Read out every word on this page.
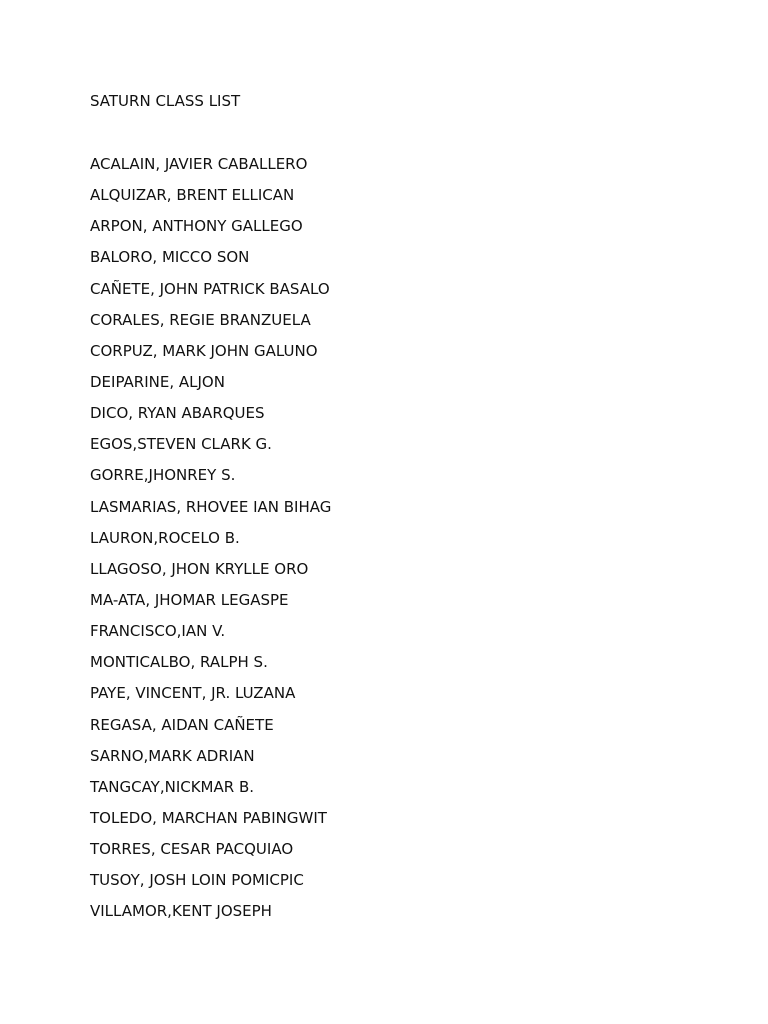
SATURN CLASS LIST
ACALAIN, JAVIER CABALLERO
ALQUIZAR, BRENT ELLICAN
ARPON, ANTHONY GALLEGO
BALORO, MICCO SON
CAÑETE, JOHN PATRICK BASALO
CORALES, REGIE BRANZUELA
CORPUZ, MARK JOHN GALUNO
DEIPARINE, ALJON
DICO, RYAN ABARQUES
EGOS,STEVEN CLARK G.
GORRE,JHONREY S.
LASMARIAS, RHOVEE IAN BIHAG
LAURON,ROCELO B.
LLAGOSO, JHON KRYLLE ORO
MA-ATA, JHOMAR LEGASPE
FRANCISCO,IAN V.
MONTICALBO, RALPH S.
PAYE, VINCENT, JR. LUZANA
REGASA, AIDAN CAÑETE
SARNO,MARK ADRIAN
TANGCAY,NICKMAR B.
TOLEDO, MARCHAN PABINGWIT
TORRES, CESAR PACQUIAO
TUSOY, JOSH LOIN POMICPIC
VILLAMOR,KENT JOSEPH
